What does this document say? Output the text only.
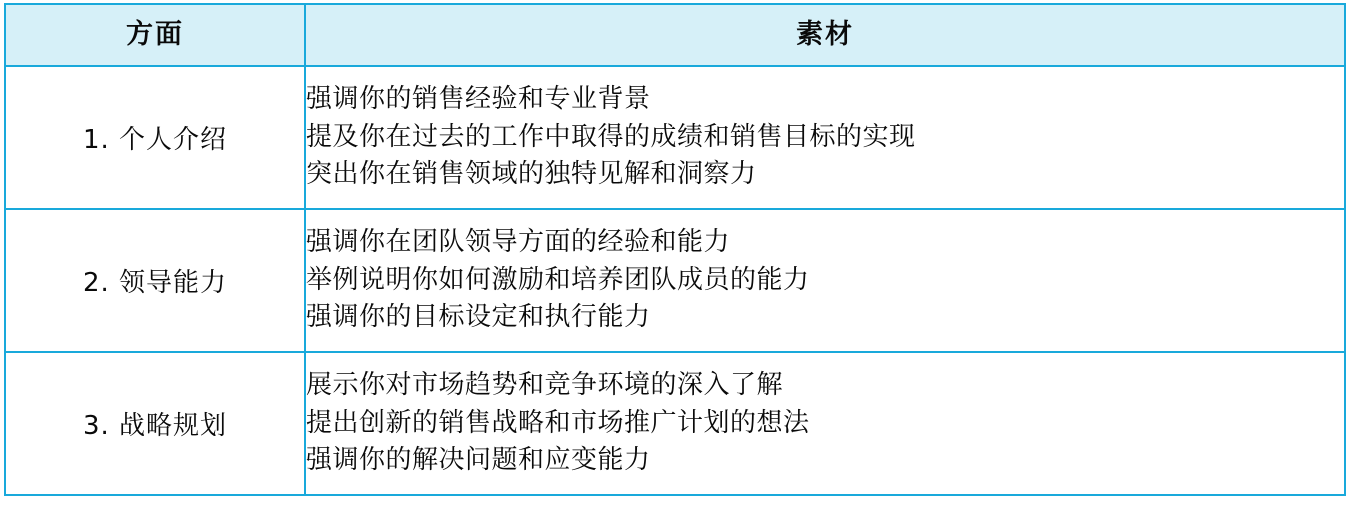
方面	素材

1. 个人介绍	强调你的销售经验和专业背景
提及你在过去的工作中取得的成绩和销售目标的实现
突出你在销售领域的独特见解和洞察力

2. 领导能力	强调你在团队领导方面的经验和能力
举例说明你如何激励和培养团队成员的能力
强调你的目标设定和执行能力

3. 战略规划	展示你对市场趋势和竞争环境的深入了解
提出创新的销售战略和市场推广计划的想法
强调你的解决问题和应变能力
